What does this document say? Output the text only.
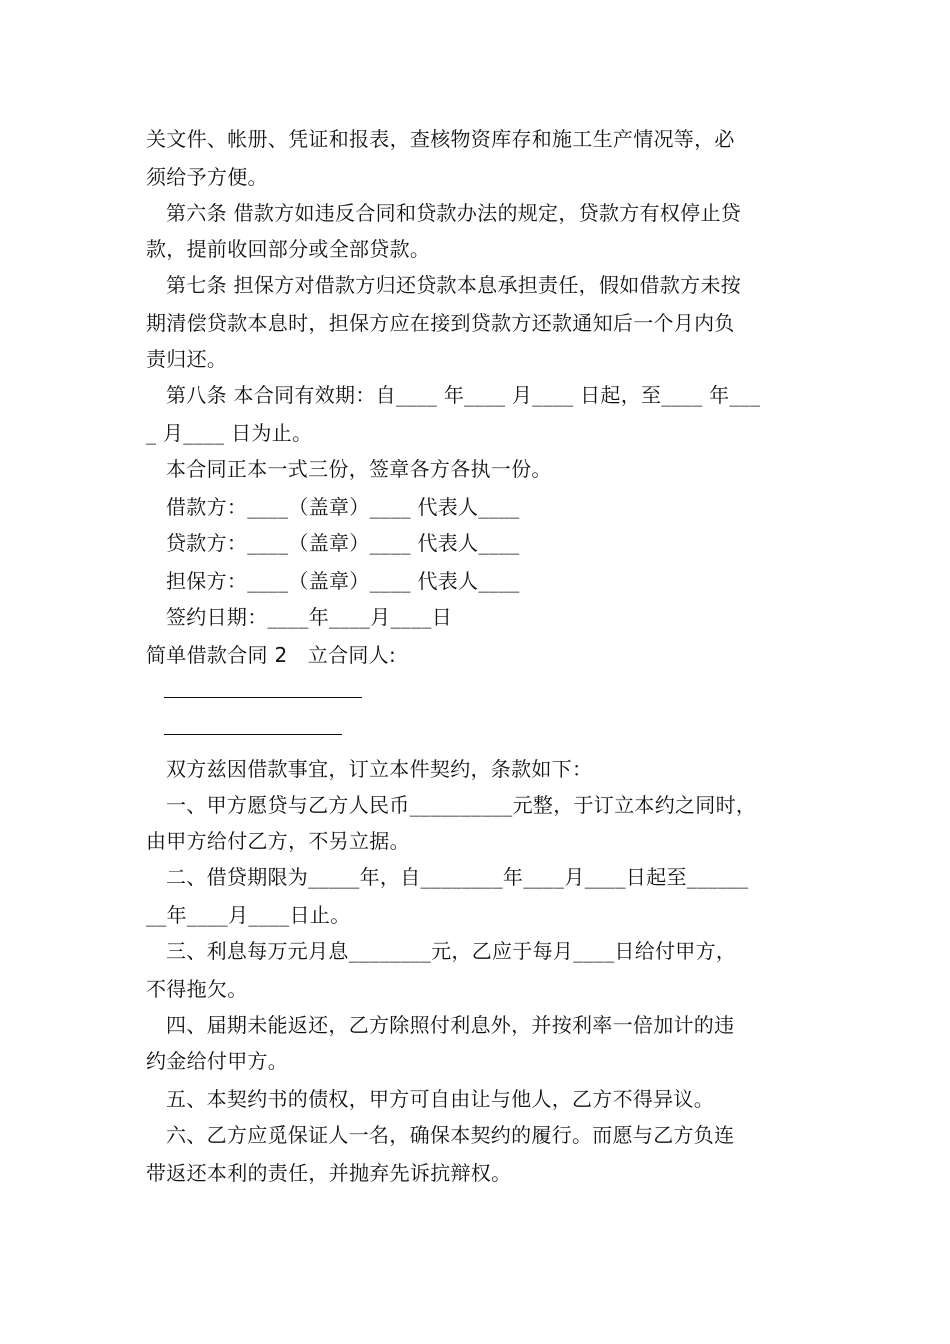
关文件、帐册、凭证和报表，查核物资库存和施工生产情况等，必
须给予方便。
第六条 借款方如违反合同和贷款办法的规定，贷款方有权停止贷
款，提前收回部分或全部贷款。
第七条 担保方对借款方归还贷款本息承担责任，假如借款方未按
期清偿贷款本息时，担保方应在接到贷款方还款通知后一个月内负
责归还。
第八条 本合同有效期：自____ 年____ 月____ 日起，至____ 年___
_ 月____ 日为止。
本合同正本一式三份，签章各方各执一份。
借款方：____（盖章）____ 代表人____
贷款方：____（盖章）____ 代表人____
担保方：____（盖章）____ 代表人____
签约日期：____年____月____日
简单借款合同 2　立合同人:
双方兹因借款事宜，订立本件契约，条款如下：
一、甲方愿贷与乙方人民币__________元整，于订立本约之同时，
由甲方给付乙方，不另立据。
二、借贷期限为_____年，自________年____月____日起至______
__年____月____日止。
三、利息每万元月息________元，乙应于每月____日给付甲方，
不得拖欠。
四、届期未能返还，乙方除照付利息外，并按利率一倍加计的违
约金给付甲方。
五、本契约书的债权，甲方可自由让与他人，乙方不得异议。
六、乙方应觅保证人一名，确保本契约的履行。而愿与乙方负连
带返还本利的责任，并抛弃先诉抗辩权。
